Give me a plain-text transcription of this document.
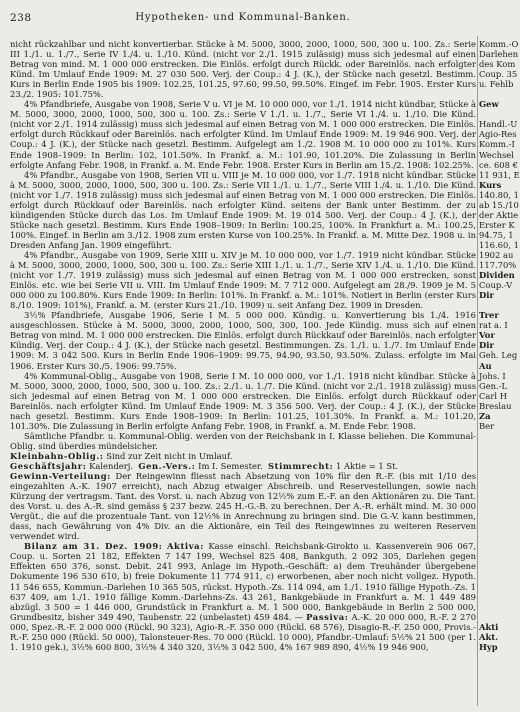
238	Hypotheken- und Kommunal-Banken.

nicht rückzahlbar und nicht konvertierbar. Stücke à M. 5000, 3000, 2000, 1000, 500, 300 u. 100. Zs.: Serie III 1./1. u. 1./7., Serie IV 1./4. u. 1./10. Künd. (nicht vor 2./1. 1915 zulässig) muss sich jedesmal auf einen Betrag von mind. M. 1 000 000 erstrecken. Die Einlös. erfolgt durch Rückk. oder Bareinlös. nach erfolgter Künd. Im Umlauf Ende 1909: M. 27 030 500. Verj. der Coup.: 4 J. (K.), der Stücke nach gesetzl. Bestimm. Kurs in Berlin Ende 1905 bis 1909: 102.25, 101.25, 97.60, 99.50, 99.50%. Eingef. im Febr. 1905. Erster Kurs 23./2. 1905: 101.75%.

4% Pfandbriefe, Ausgabe von 1908, Serie V u. VI je M. 10 000 000, vor 1./1. 1914 nicht kündbar, Stücke à M. 5000, 3000, 2000, 1000, 500, 300 u. 100. Zs.: Serie V 1./1. u. 1./7., Serie VI 1./4. u. 1./10. Die Künd. (nicht vor 2./1. 1914 zulässig) muss sich jedesmal auf einen Betrag von M. 1 000 000 erstrecken. Die Einlös. erfolgt durch Rückkauf oder Bareinlös. nach erfolgter Künd. Im Umlauf Ende 1909: M. 19 946 900. Verj. der Coup.: 4 J. (K.), der Stücke nach gesetzl. Bestimm. Aufgelegt am 1./2. 1908 M. 10 000 000 zu 101%. Kurs Ende 1908–1909: In Berlin: 102, 101.50%. In Frankf. a. M.: 101.90, 101.20%. Die Zulassung in Berlin erfolgte Anfang Febr. 1908, in Frankf. a. M. Ende Febr. 1908. Erster Kurs in Berlin am 15./2. 1908: 102.25%.

4% Pfandbr., Ausgabe von 1908, Serien VII u. VIII je M. 10 000 000, vor 1./7. 1918 nicht kündbar. Stücke à M. 5000, 3000, 2000, 1000, 500, 300 u. 100. Zs.: Serie VII 1./1. u. 1./7., Serie VIII 1./4. u. 1./10. Die Künd. (nicht vor 1./7. 1918 zulässig) muss sich jedesmal auf einen Betrag von M. 1 000 000 erstrecken. Die Einlös. erfolgt durch Rückkauf oder Bareinlös. nach erfolgter Künd. seitens der Bank unter Bestimm. der zu kündigenden Stücke durch das Los. Im Umlauf Ende 1909: M. 19 014 500. Verj. der Coup.: 4 J. (K.), der Stücke nach gesetzl. Bestimm. Kurs Ende 1908–1909: In Berlin: 100.25, 100%. In Frankfurt a. M.: 100.25, 100%. Eingef. in Berlin am 3./12. 1908 zum ersten Kurse von 100.25%. In Frankf. a. M. Mitte Dez. 1908 u. in Dresden Anfang Jan. 1909 eingeführt.

4% Pfandbr., Ausgabe von 1909, Serie XIII u. XIV je M. 10 000 000, vor 1./7. 1919 nicht kündbar. Stücke à M. 5000, 3000, 2000, 1000, 500, 300 u. 100. Zs.: Serie XIII 1./1. u. 1./7., Serie XIV 1./4. u. 1./10. Die Künd. (nicht vor 1./7. 1919 zulässig) muss sich jedesmal auf einen Betrag von M. 1 000 000 erstrecken, sonst Einlös. etc. wie bei Serie VII u. VIII. Im Umlauf Ende 1909: M. 7 712 000. Aufgelegt am 28./9. 1909 je M. 5 000 000 zu 100.80%. Kurs Ende 1909: In Berlin: 101%. In Frankf. a. M.: 101%. Notiert in Berlin (erster Kurs 8./10. 1909: 101%), Frankf. a. M. (erster Kurs 21./10. 1909) u. seit Anfang Dez. 1909 in Dresden.

3½% Pfandbriefe, Ausgabe 1906, Serie I M. 5 000 000. Kündig. u. Konvertierung bis 1./4. 1916 ausgeschlossen. Stücke à M. 5000, 3000, 2000, 1000, 500, 300, 100. Jede Kündig. muss sich auf einen Betrag von mind. M. 1 000 000 erstrecken. Die Einlös. erfolgt durch Rückkauf oder Bareinlös. nach erfolgter Kündig. Verj. der Coup.: 4 J. (K.), der Stücke nach gesetzl. Bestimmungen. Zs. 1./1. u. 1./7. Im Umlauf Ende 1909: M. 3 042 500. Kurs in Berlin Ende 1906–1909: 99.75, 94.90, 93.50, 93.50%. Zulass. erfolgte im Mai 1906. Erster Kurs 30./5. 1906: 99.75%.

4% Kommunal-Oblig., Ausgabe von 1908, Serie I M. 10 000 000, vor 1./1. 1918 nicht kündbar. Stücke à M. 5000, 3000, 2000, 1000, 500, 300 u. 100. Zs.: 2./1. u. 1./7. Die Künd. (nicht vor 2./1. 1918 zulässig) muss sich jedesmal auf einen Betrag von M. 1 000 000 erstrecken. Die Einlös. erfolgt durch Rückkauf oder Bareinlös. nach erfolgter Künd. Im Umlauf Ende 1909: M. 3 356 500. Verj. der Coup.: 4 J. (K.), der Stücke nach gesetzl. Bestimm. Kurs Ende 1908–1909: In Berlin: 101.25, 101.30%. In Frankf. a. M.: 101.20, 101.30%. Die Zulassung in Berlin erfolgte Anfang Febr. 1908, in Frankf. a. M. Ende Febr. 1908.

Sämtliche Pfandbr. u. Kommunal-Oblig. werden von der Reichsbank in I. Klasse beliehen. Die Kommunal-Oblig. sind überdies mündelsicher.

Kleinbahn-Oblig.: Sind zur Zeit nicht in Umlauf.

Geschäftsjahr: Kalenderj. Gen.-Vers.: Im I. Semester. Stimmrecht: 1 Aktie = 1 St.

Gewinn-Verteilung: Der Reingewinn fliesst nach Absetzung von 10% für den R.-F. (bis mit 1/10 des eingezahlten A.-K. 1907 erreicht), nach Abzug etwaiger Abschreib. und Reservestellungen, sowie nach Kürzung der vertragsm. Tant. des Vorst. u. nach Abzug von 12½% zum E.-F. an den Aktionären zu. Die Tant. des Vorst. u. des A.-R. sind gemäss § 237 bezw. 245 H.-G.-B. zu berechnen. Der A.-R. erhält mind. M. 30 000 Vergüt., die auf die prozentuale Tant. von 12½% in Anrechnung zu bringen sind. Die G.-V. kann bestimmen, dass, nach Gewährung von 4% Div. an die Aktionäre, ein Teil des Reingewinnes zu weiteren Reserven verwendet wird.

Bilanz am 31. Dez. 1909: Aktiva: Kasse einschl. Reichsbank-Girokto u. Kassenverein 906 067, Coup. u. Sorten 21 182, Effekten 7 147 199, Wechsel 825 408, Bankguth. 2 092 305, Darlehen gegen Effekten 650 376, sonst. Debit. 241 993, Anlage im Hypoth.-Geschäft: a) dem Treuhänder übergebene Dokumente 196 530 610, b) freie Dokumente 11 774 911, c) erworbenen, aber noch nicht vollgez. Hypoth. 11 546 655, Kommun.-Darlehen 10 365 505, rückst. Hypoth.-Zs. 114 094, am 1./1. 1910 fällige Hypoth.-Zs. 1 637 409, am 1./1. 1910 fällige Komm.-Darlehns-Zs. 43 261, Bankgebäude in Frankfurt a. M. 1 449 489 abzügl. 3 500 = 1 446 000, Grundstück in Frankfurt a. M. 1 500 000, Bankgebäude in Berlin 2 500 000, Grundbesitz, bisher 349 490, Taubenstr. 22 (unbelastet) 459 484. — Passiva: A.-K. 20 000 000, R.-F. 2 270 000, Spez.-R.-F. 2 000 000 (Rückl. 90 323), Agio-R.-F. 350 000 (Rückl. 68 576), Disagio-R.-F. 250 000, Provis.-R.-F. 250 000 (Rückl. 50 000), Talonsteuer-Res. 70 000 (Rückl. 10 000), Pfandbr.-Umlauf: 5½% 21 500 (per 1. 1. 1910 gek.), 3½% 600 800, 3½% 4 340 320, 3½% 3 042 500, 4% 167 989 890, 4½% 19 946 900,

Komm.-O
Darlehen
des Kom
Coup. 35
u. Fehlb
Gew
Handl.-U
Agio-Res
Komm.-I
Wechsel
ce. 608 €
11 931, E
Kurs
140.80, 1
ab 15./10
der Aktie
Erster K
94.75, 1
116.60, 1
1902 au
117.70%
Dividen
Coup.-V
Dir
Trer
rat a. I
Vor
Dir
Geh. Leg
Au
Johs. I
Gen.-L
Carl H
Breslau
Za
Ber
Akti
Akt.
Hyp
